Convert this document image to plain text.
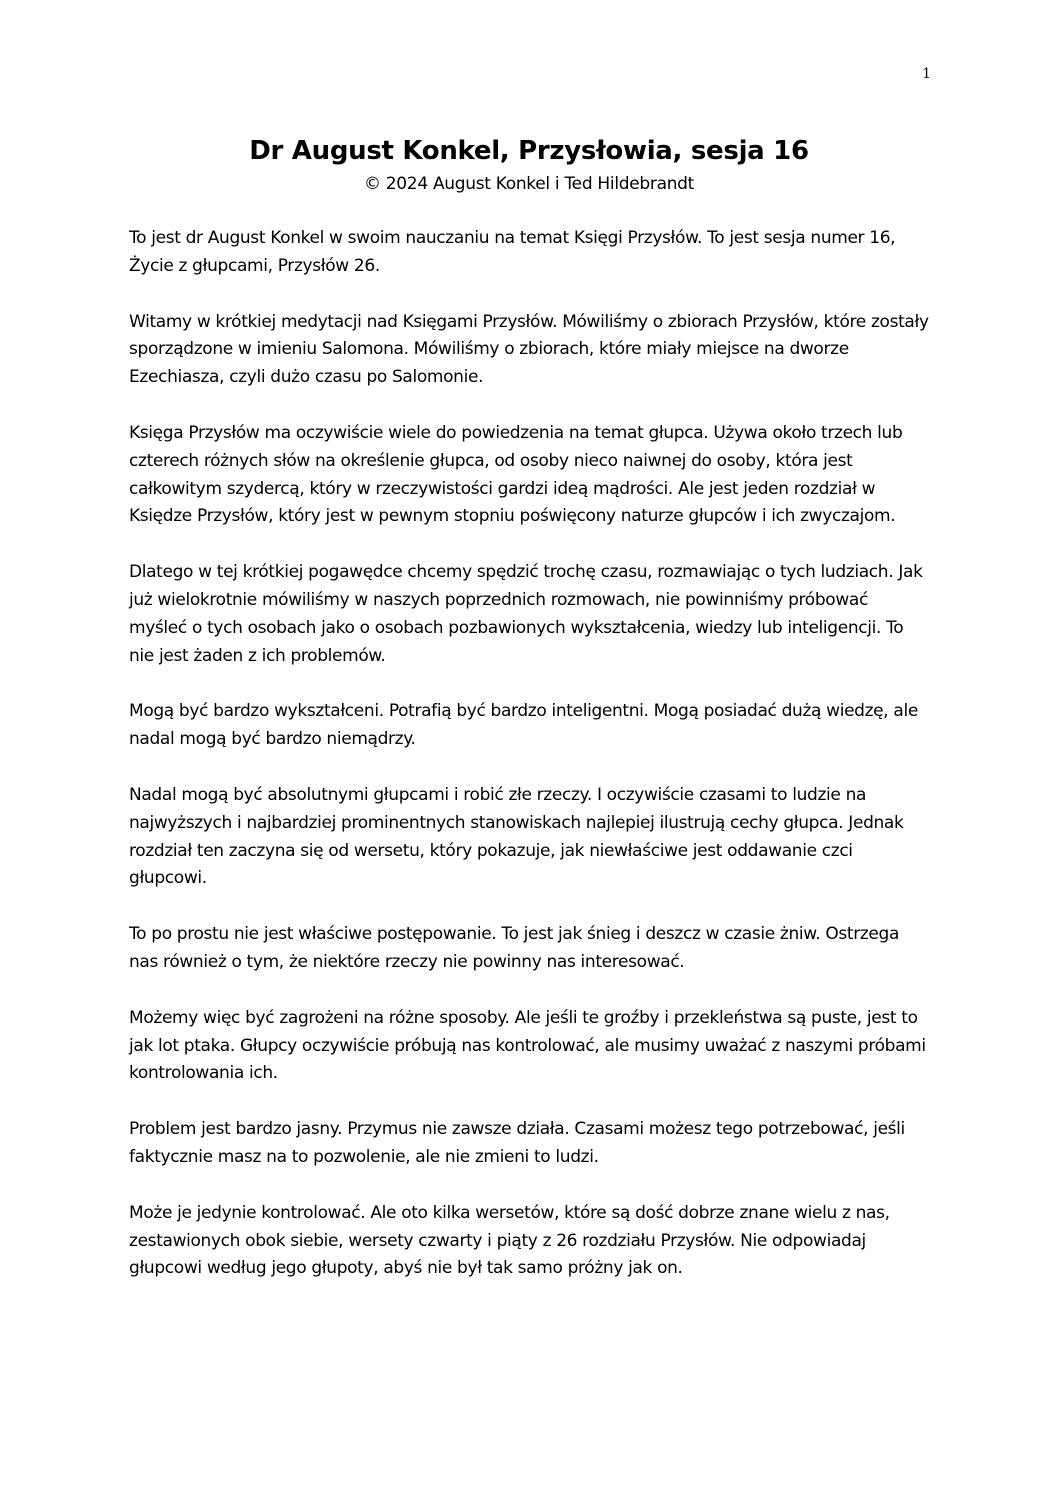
1
Dr August Konkel, Przysłowia, sesja 16
© 2024 August Konkel i Ted Hildebrandt

To jest dr August Konkel w swoim nauczaniu na temat Księgi Przysłów. To jest sesja numer 16, Życie z głupcami, Przysłów 26.

Witamy w krótkiej medytacji nad Księgami Przysłów. Mówiliśmy o zbiorach Przysłów, które zostały sporządzone w imieniu Salomona. Mówiliśmy o zbiorach, które miały miejsce na dworze Ezechiasza, czyli dużo czasu po Salomonie.

Księga Przysłów ma oczywiście wiele do powiedzenia na temat głupca. Używa około trzech lub czterech różnych słów na określenie głupca, od osoby nieco naiwnej do osoby, która jest całkowitym szydercą, który w rzeczywistości gardzi ideą mądrości. Ale jest jeden rozdział w Księdze Przysłów, który jest w pewnym stopniu poświęcony naturze głupców i ich zwyczajom.

Dlatego w tej krótkiej pogawędce chcemy spędzić trochę czasu, rozmawiając o tych ludziach. Jak już wielokrotnie mówiliśmy w naszych poprzednich rozmowach, nie powinniśmy próbować myśleć o tych osobach jako o osobach pozbawionych wykształcenia, wiedzy lub inteligencji. To nie jest żaden z ich problemów.

Mogą być bardzo wykształceni. Potrafią być bardzo inteligentni. Mogą posiadać dużą wiedzę, ale nadal mogą być bardzo niemądrzy.

Nadal mogą być absolutnymi głupcami i robić złe rzeczy. I oczywiście czasami to ludzie na najwyższych i najbardziej prominentnych stanowiskach najlepiej ilustrują cechy głupca. Jednak rozdział ten zaczyna się od wersetu, który pokazuje, jak niewłaściwe jest oddawanie czci głupcowi.

To po prostu nie jest właściwe postępowanie. To jest jak śnieg i deszcz w czasie żniw. Ostrzega nas również o tym, że niektóre rzeczy nie powinny nas interesować.

Możemy więc być zagrożeni na różne sposoby. Ale jeśli te groźby i przekleństwa są puste, jest to jak lot ptaka. Głupcy oczywiście próbują nas kontrolować, ale musimy uważać z naszymi próbami kontrolowania ich.

Problem jest bardzo jasny. Przymus nie zawsze działa. Czasami możesz tego potrzebować, jeśli faktycznie masz na to pozwolenie, ale nie zmieni to ludzi.

Może je jedynie kontrolować. Ale oto kilka wersetów, które są dość dobrze znane wielu z nas, zestawionych obok siebie, wersety czwarty i piąty z 26 rozdziału Przysłów. Nie odpowiadaj głupcowi według jego głupoty, abyś nie był tak samo próżny jak on.
